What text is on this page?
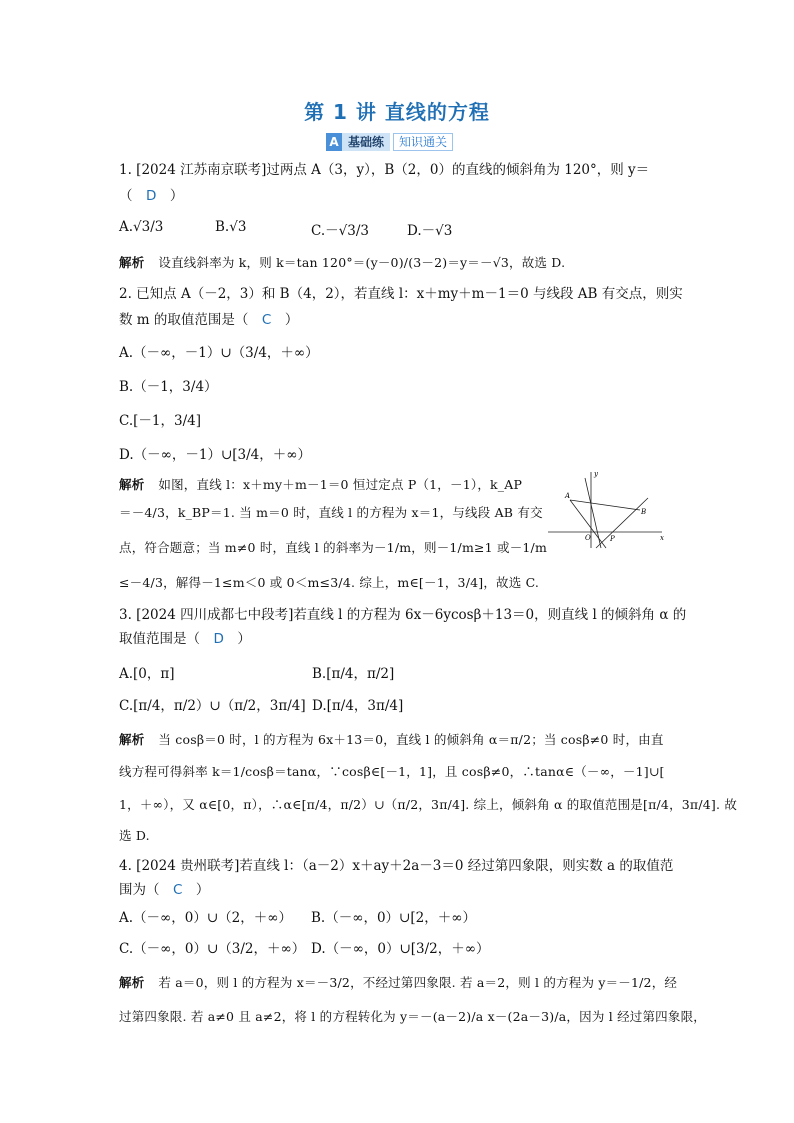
第 1 讲 直线的方程
A 基础练	知识通关
1. [2024 江苏南京联考]过两点 A（3，y），B（2，0）的直线的倾斜角为 120°，则 y＝
（　D　）
A.√3/3	B.√3	C.－√3/3	D.－√3
解析 设直线斜率为 k，则 k＝tan 120°＝(y－0)/(3－2)＝y＝－√3，故选 D.
2. 已知点 A（－2，3）和 B（4，2），若直线 l：x＋my＋m－1＝0 与线段 AB 有交点，则实
数 m 的取值范围是（　C　）
A.（－∞，－1）∪（3/4，＋∞）
B.（－1，3/4）
C.[－1，3/4]
D.（－∞，－1）∪[3/4，＋∞）
解析 如图，直线 l：x＋my＋m－1＝0 恒过定点 P（1，－1），k_AP
＝－4/3，k_BP＝1. 当 m＝0 时，直线 l 的方程为 x＝1，与线段 AB 有交
点，符合题意；当 m≠0 时，直线 l 的斜率为－1/m，则－1/m≥1 或－1/m
≤－4/3，解得－1≤m＜0 或 0＜m≤3/4. 综上，m∈[－1，3/4]，故选 C.
y
A
B
O	P	x
3. [2024 四川成都七中段考]若直线 l 的方程为 6x－6ycosβ＋13＝0，则直线 l 的倾斜角 α 的
取值范围是（　D　）
A.[0，π]	B.[π/4，π/2]
C.[π/4，π/2）∪（π/2，3π/4] D.[π/4，3π/4]
解析 当 cosβ＝0 时，l 的方程为 6x＋13＝0，直线 l 的倾斜角 α＝π/2；当 cosβ≠0 时，由直
线方程可得斜率 k＝1/cosβ＝tanα，∵cosβ∈[－1，1]，且 cosβ≠0，∴tanα∈（－∞，－1]∪[
1，＋∞），又 α∈[0，π），∴α∈[π/4，π/2）∪（π/2，3π/4]. 综上，倾斜角 α 的取值范围是[π/4，3π/4]. 故
选 D.
4. [2024 贵州联考]若直线 l：（a－2）x＋ay＋2a－3＝0 经过第四象限，则实数 a 的取值范
围为（　C　）
A.（－∞，0）∪（2，＋∞） B.（－∞，0）∪[2，＋∞）
C.（－∞，0）∪（3/2，＋∞） D.（－∞，0）∪[3/2，＋∞）
解析 若 a＝0，则 l 的方程为 x＝－3/2，不经过第四象限. 若 a＝2，则 l 的方程为 y＝－1/2，经
过第四象限. 若 a≠0 且 a≠2，将 l 的方程转化为 y＝－(a－2)/a x－(2a－3)/a，因为 l 经过第四象限，
